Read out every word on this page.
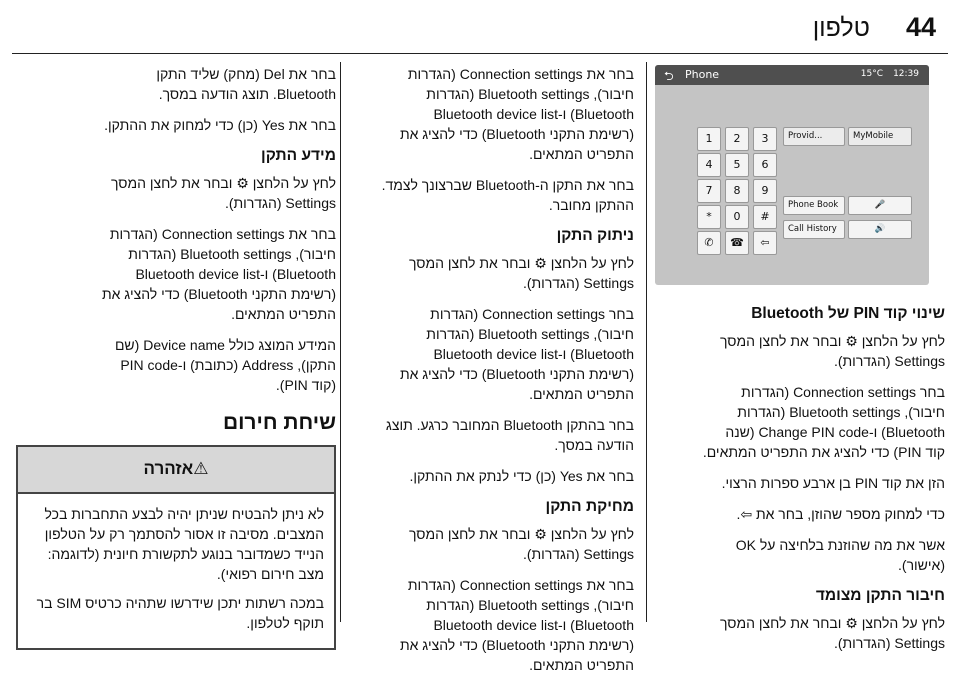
44
טלפון
⮌ Phone	15°C 12:39
1	2	3
4	5	6
7	8	9
*	0	#
✆	☎	⇦
Provid...	MyMobile
Phone Book	🎤
Call History	🔊
שינוי קוד PIN של Bluetooth

לחץ על הלחצן ⚙ ובחר את לחצן המסך
Settings (הגדרות).

בחר Connection settings (הגדרות
חיבור), Bluetooth settings (הגדרות
Bluetooth) ו-Change PIN code (שנה
קוד PIN) כדי להציג את התפריט המתאים.

הזן את קוד PIN בן ארבע ספרות הרצוי.

כדי למחוק מספר שהוזן, בחר את ⇦.

אשר את מה שהוזנת בלחיצה על OK
(אישור).

חיבור התקן מצומד

לחץ על הלחצן ⚙ ובחר את לחצן המסך
Settings (הגדרות).

בחר את Connection settings (הגדרות
חיבור), Bluetooth settings (הגדרות
Bluetooth) ו-Bluetooth device list
(רשימת התקני Bluetooth) כדי להציג את
התפריט המתאים.

בחר את התקן ה-Bluetooth שברצונך לצמד. ההתקן מחובר.

ניתוק התקן

לחץ על הלחצן ⚙ ובחר את לחצן המסך
Settings (הגדרות).

בחר Connection settings (הגדרות
חיבור), Bluetooth settings (הגדרות
Bluetooth) ו-Bluetooth device list
(רשימת התקני Bluetooth) כדי להציג את
התפריט המתאים.

בחר בהתקן Bluetooth המחובר כרגע. תוצג הודעה במסך.

בחר את Yes (כן) כדי לנתק את ההתקן.

מחיקת התקן

לחץ על הלחצן ⚙ ובחר את לחצן המסך
Settings (הגדרות).

בחר את Connection settings (הגדרות
חיבור), Bluetooth settings (הגדרות
Bluetooth) ו-Bluetooth device list
(רשימת התקני Bluetooth) כדי להציג את
התפריט המתאים.

בחר את Del (מחק) שליד התקן
Bluetooth. תוצג הודעה במסך.

בחר את Yes (כן) כדי למחוק את ההתקן.

מידע התקן

לחץ על הלחצן ⚙ ובחר את לחצן המסך
Settings (הגדרות).

בחר את Connection settings (הגדרות
חיבור), Bluetooth settings (הגדרות
Bluetooth) ו-Bluetooth device list
(רשימת התקני Bluetooth) כדי להציג את
התפריט המתאים.

המידע המוצג כולל Device name (שם
התקן), Address (כתובת) ו-PIN code
(קוד PIN).

שיחת חירום
⚠אזהרה

לא ניתן להבטיח שניתן יהיה לבצע התחברות בכל המצבים. מסיבה זו אסור להסתמך רק על הטלפון הנייד כשמדובר בנוגע לתקשורת חיונית (לדוגמה: מצב חירום רפואי).

במכה רשתות יתכן שידרשו שתהיה כרטיס SIM בר תוקף לטלפון.
